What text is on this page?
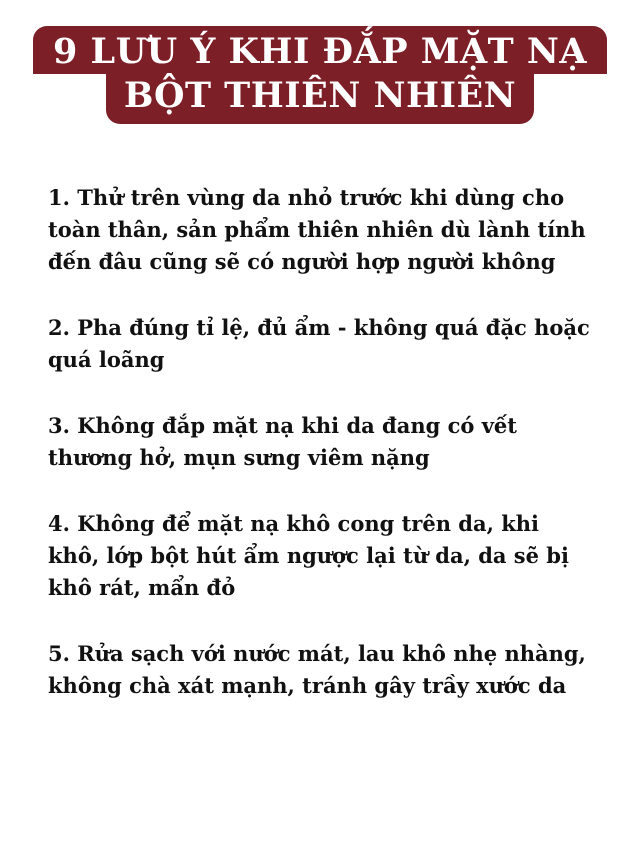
9 LƯU Ý KHI ĐẮP MẶT NẠ
BỘT THIÊN NHIÊN
1. Thử trên vùng da nhỏ trước khi dùng cho
toàn thân, sản phẩm thiên nhiên dù lành tính
đến đâu cũng sẽ có người hợp người không
2. Pha đúng tỉ lệ, đủ ẩm - không quá đặc hoặc
quá loãng
3. Không đắp mặt nạ khi da đang có vết
thương hở, mụn sưng viêm nặng
4. Không để mặt nạ khô cong trên da, khi
khô, lớp bột hút ẩm ngược lại từ da, da sẽ bị
khô rát, mẩn đỏ
5. Rửa sạch với nước mát, lau khô nhẹ nhàng,
không chà xát mạnh, tránh gây trầy xước da
